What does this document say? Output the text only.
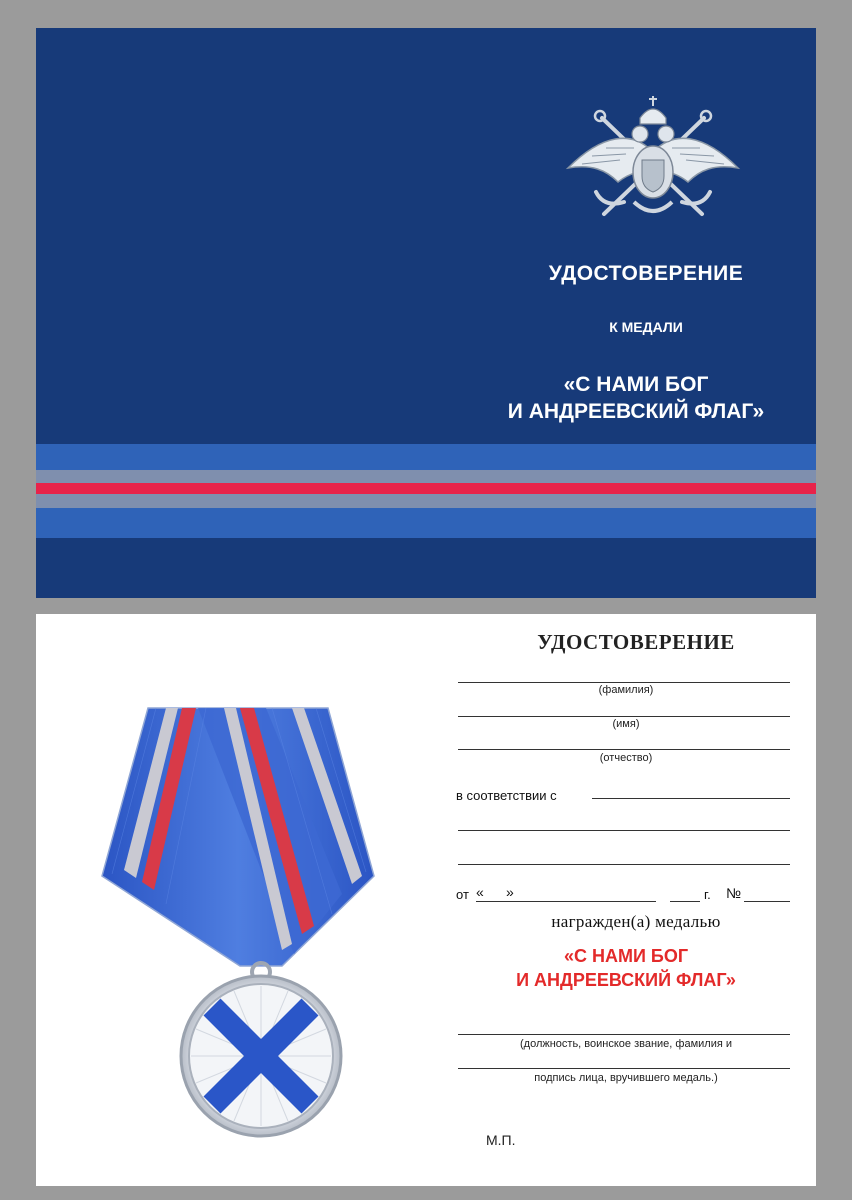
УДОСТОВЕРЕНИЕ
К МЕДАЛИ
«С НАМИ БОГ
И АНДРЕЕВСКИЙ ФЛАГ»
УДОСТОВЕРЕНИЕ
(фамилия)
(имя)
(отчество)
в соответствии с
от « »	г. №
награжден(а) медалью
«С НАМИ БОГ
И АНДРЕЕВСКИЙ ФЛАГ»
(должность, воинское звание, фамилия и
подпись лица, вручившего медаль.)
М.П.
